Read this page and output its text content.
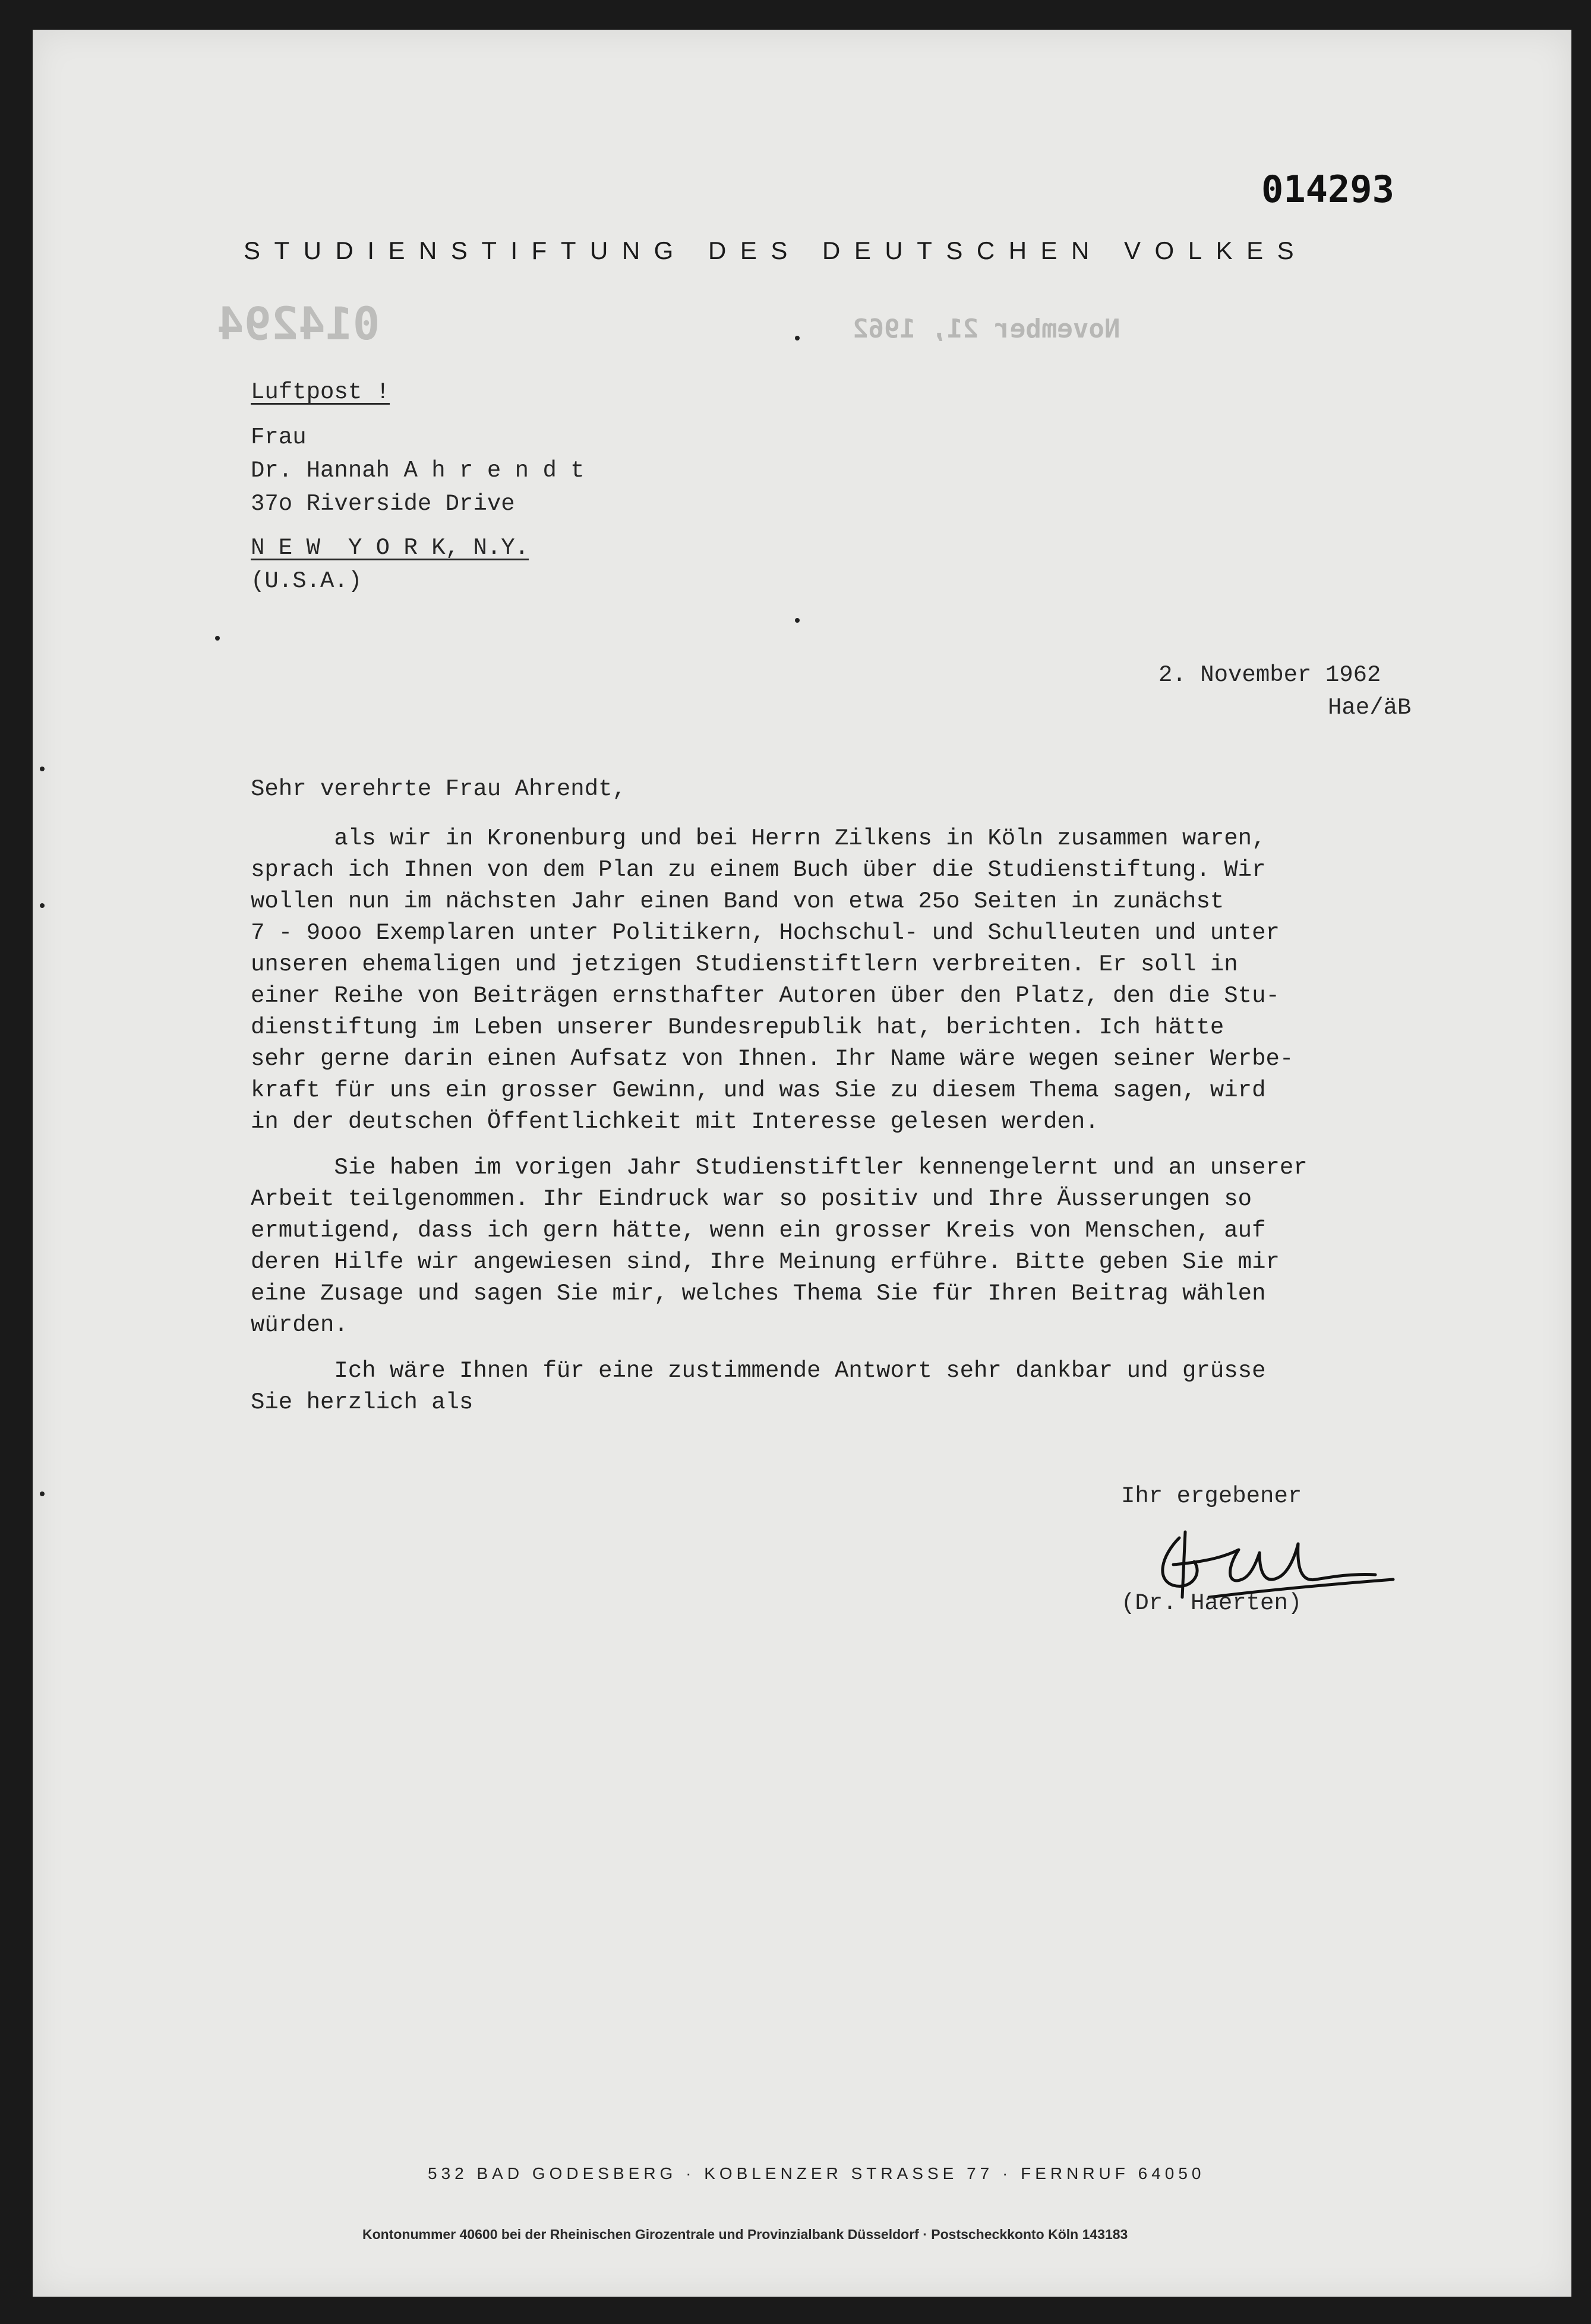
014294	November 21, 1962
014293
STUDIENSTIFTUNG DES DEUTSCHEN VOLKES
Luftpost !
Frau
Dr. Hannah A h r e n d t
37o Riverside Drive
N E W  Y O R K, N.Y.
(U.S.A.)
2. November 1962
Hae/äB
Sehr verehrte Frau Ahrendt,

als wir in Kronenburg und bei Herrn Zilkens in Köln zusammen waren,
sprach ich Ihnen von dem Plan zu einem Buch über die Studienstiftung. Wir
wollen nun im nächsten Jahr einen Band von etwa 25o Seiten in zunächst
7 - 9ooo Exemplaren unter Politikern, Hochschul- und Schulleuten und unter
unseren ehemaligen und jetzigen Studienstiftlern verbreiten. Er soll in
einer Reihe von Beiträgen ernsthafter Autoren über den Platz, den die Stu-
dienstiftung im Leben unserer Bundesrepublik hat, berichten. Ich hätte
sehr gerne darin einen Aufsatz von Ihnen. Ihr Name wäre wegen seiner Werbe-
kraft für uns ein grosser Gewinn, und was Sie zu diesem Thema sagen, wird
in der deutschen Öffentlichkeit mit Interesse gelesen werden.

Sie haben im vorigen Jahr Studienstiftler kennengelernt und an unserer
Arbeit teilgenommen. Ihr Eindruck war so positiv und Ihre Äusserungen so
ermutigend, dass ich gern hätte, wenn ein grosser Kreis von Menschen, auf
deren Hilfe wir angewiesen sind, Ihre Meinung erführe. Bitte geben Sie mir
eine Zusage und sagen Sie mir, welches Thema Sie für Ihren Beitrag wählen
würden.

Ich wäre Ihnen für eine zustimmende Antwort sehr dankbar und grüsse
Sie herzlich als

Ihr ergebener
(Dr. Haerten)
532 BAD GODESBERG · KOBLENZER STRASSE 77 · FERNRUF 64050
Kontonummer 40600 bei der Rheinischen Girozentrale und Provinzialbank Düsseldorf · Postscheckkonto Köln 143183
